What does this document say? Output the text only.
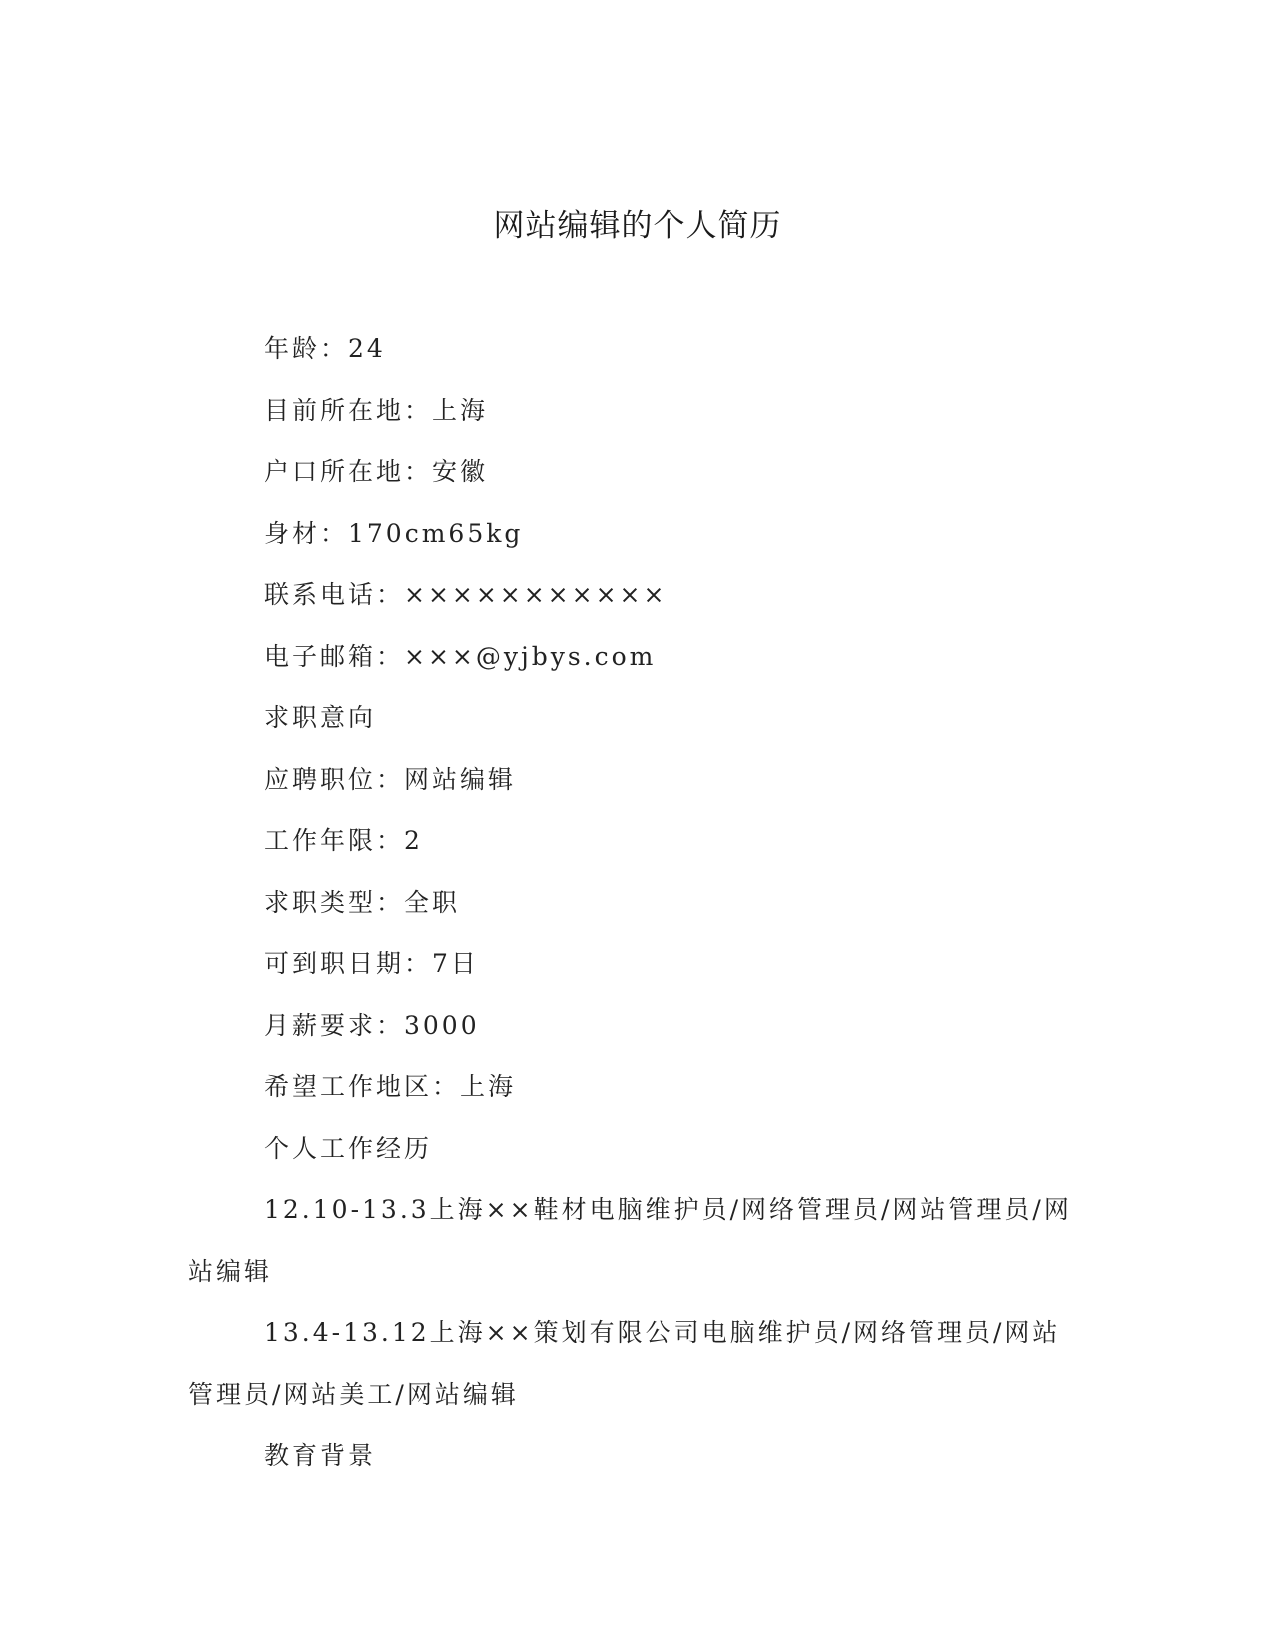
网站编辑的个人简历
年龄：24
目前所在地：上海
户口所在地：安徽
身材：170cm65kg
联系电话：×××××××××××
电子邮箱：×××@yjbys.com
求职意向
应聘职位：网站编辑
工作年限：2
求职类型：全职
可到职日期：7日
月薪要求：3000
希望工作地区：上海
个人工作经历
12.10-13.3上海××鞋材电脑维护员/网络管理员/网站管理员/网站编辑
13.4-13.12上海××策划有限公司电脑维护员/网络管理员/网站管理员/网站美工/网站编辑
教育背景
